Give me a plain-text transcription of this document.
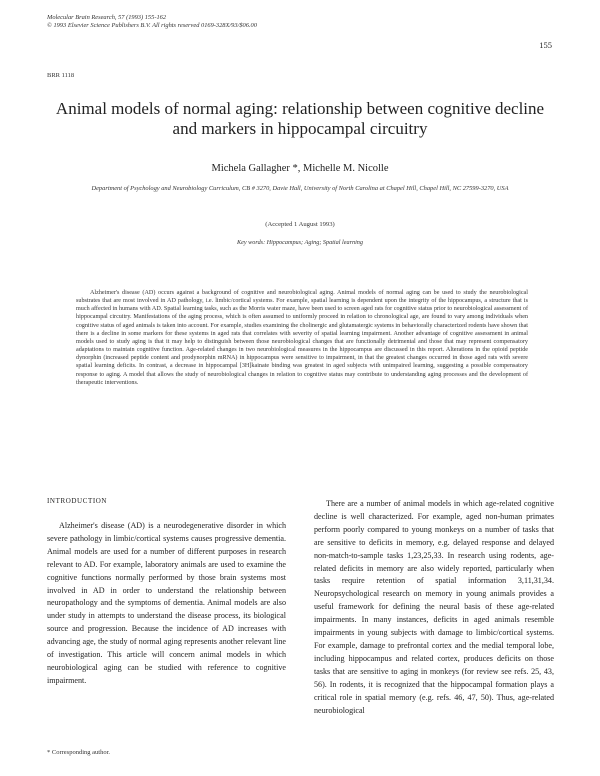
Molecular Brain Research, 57 (1993) 155-162
© 1993 Elsevier Science Publishers B.V. All rights reserved 0169-328X/93/$06.00
155
BRR 1118
Animal models of normal aging: relationship between cognitive decline
and markers in hippocampal circuitry
Michela Gallagher *, Michelle M. Nicolle
Department of Psychology and Neurobiology Curriculum, CB # 3270, Davie Hall, University of North Carolina at Chapel Hill, Chapel Hill, NC 27599-3270, USA
(Accepted 1 August 1993)
Key words: Hippocampus; Aging; Spatial learning

Alzheimer's disease (AD) occurs against a background of cognitive and neurobiological aging. Animal models of normal aging can be used to study the neurobiological substrates that are most involved in AD pathology, i.e. limbic/cortical systems. For example, spatial learning is dependent upon the integrity of the hippocampus, a structure that is much affected in humans with AD. Spatial learning tasks, such as the Morris water maze, have been used to screen aged rats for cognitive status prior to neurobiological assessment of hippocampal circuitry. Manifestations of the aging process, which is often assumed to uniformly proceed in relation to chronological age, are found to vary among individuals when cognitive status of aged animals is taken into account. For example, studies examining the cholinergic and glutamatergic systems in behaviorally characterized rodents have shown that there is a decline in some markers for these systems in aged rats that correlates with severity of spatial learning impairment. Another advantage of cognitive assessment in animal models used to study aging is that it may help to distinguish between those neurobiological changes that are functionally detrimental and those that may represent compensatory adaptations to maintain cognitive function. Age-related changes in two neurobiological measures in the hippocampus are discussed in this report. Alterations in the opioid peptide dynorphin (increased peptide content and prodynorphin mRNA) in hippocampus were sensitive to impairment, in that the greatest changes occurred in those aged rats with severe spatial learning deficits. In contrast, a decrease in hippocampal [3H]kainate binding was greatest in aged subjects with unimpaired learning, suggesting a possible compensatory response to aging. A model that allows the study of neurobiological changes in relation to cognitive status may contribute to understanding aging processes and the development of therapeutic interventions.

INTRODUCTION

Alzheimer's disease (AD) is a neurodegenerative disorder in which severe pathology in limbic/cortical systems causes progressive dementia. Animal models are used for a number of different purposes in research relevant to AD. For example, laboratory animals are used to examine the cognitive functions normally performed by those brain systems most involved in AD in order to understand the relationship between neuropathology and the symptoms of dementia. Animal models are also under study in attempts to understand the disease process, its biological source and progression. Because the incidence of AD increases with advancing age, the study of normal aging represents another relevant line of investigation. This article will concern animal models in which neurobiological aging can be studied with reference to cognitive impairment.

There are a number of animal models in which age-related cognitive decline is well characterized. For example, aged non-human primates perform poorly compared to young monkeys on a number of tasks that are sensitive to deficits in memory, e.g. delayed response and delayed non-match-to-sample tasks 1,23,25,33. In research using rodents, age-related deficits in memory are also widely reported, particularly when tasks require retention of spatial information 3,11,31,34. Neuropsychological research on memory in young animals provides a useful framework for defining the neural basis of these age-related impairments. In many instances, deficits in aged animals resemble impairments in young subjects with damage to limbic/cortical systems. For example, damage to prefrontal cortex and the medial temporal lobe, including hippocampus and related cortex, produces deficits on those tasks that are sensitive to aging in monkeys (for review see refs. 25, 43, 56). In rodents, it is recognized that the hippocampal formation plays a critical role in spatial memory (e.g. refs. 46, 47, 50). Thus, age-related neurobiological

* Corresponding author.
